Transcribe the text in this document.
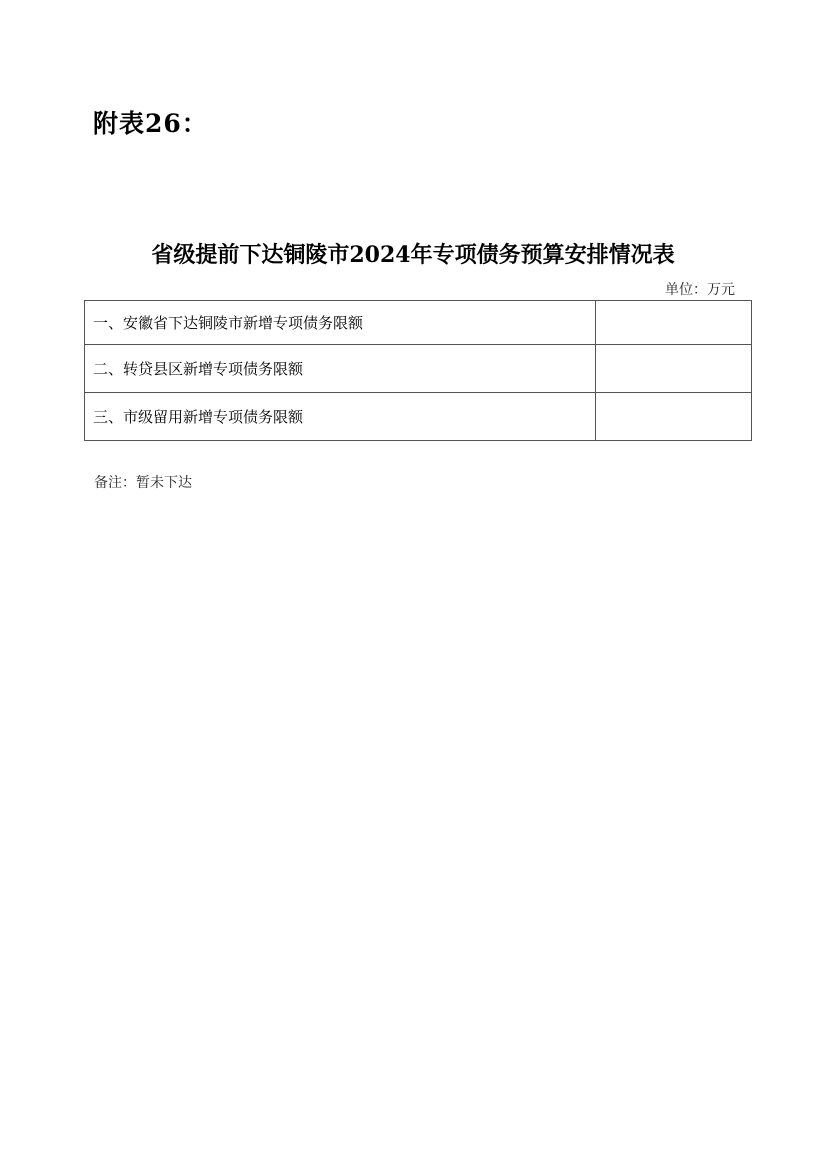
附表26：
省级提前下达铜陵市2024年专项债务预算安排情况表
单位：万元
一、安徽省下达铜陵市新增专项债务限额	
二、转贷县区新增专项债务限额	
三、市级留用新增专项债务限额	
备注：暂未下达
